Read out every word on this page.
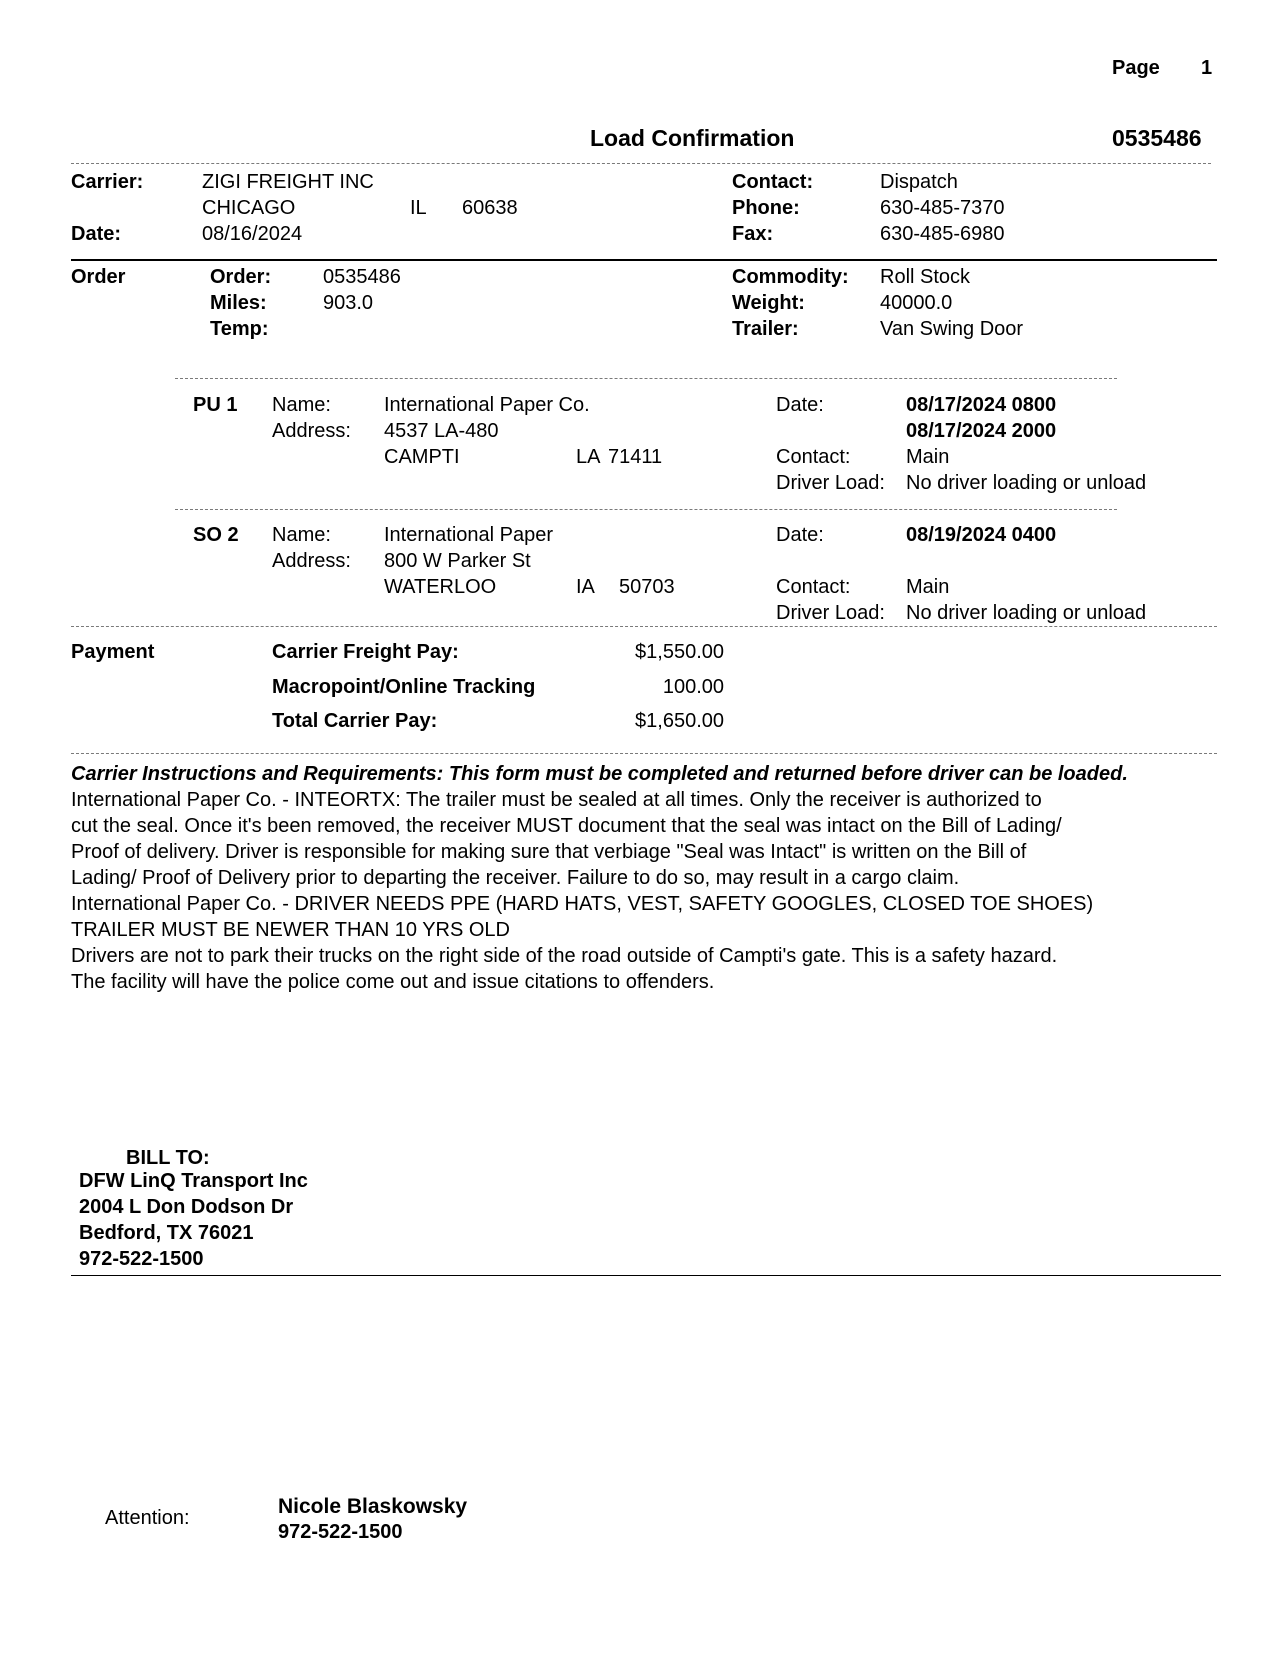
Page 1
Load Confirmation	0535486
Carrier:	ZIGI FREIGHT INC
CHICAGO	IL 60638
Date:	08/16/2024
Contact:	Dispatch
Phone:	630-485-7370
Fax:	630-485-6980
Order	Order:	0535486
Miles:	903.0
Temp:
Commodity: Roll Stock
Weight:	40000.0
Trailer:	Van Swing Door
PU 1 Name:	International Paper Co.
Address: 4537 LA-480
CAMPTI	LA 71411
Date:	08/17/2024 0800
08/17/2024 2000
Contact:	Main
Driver Load: No driver loading or unload
SO 2 Name:	International Paper
Address: 800 W Parker St
WATERLOO	IA 50703
Date:	08/19/2024 0400
Contact:	Main
Driver Load: No driver loading or unload
Payment	Carrier Freight Pay:	$1,550.00
Macropoint/Online Tracking	100.00
Total Carrier Pay:	$1,650.00
Carrier Instructions and Requirements: This form must be completed and returned before driver can be loaded.
International Paper Co. - INTEORTX: The trailer must be sealed at all times. Only the receiver is authorized to
cut the seal. Once it's been removed, the receiver MUST document that the seal was intact on the Bill of Lading/
Proof of delivery. Driver is responsible for making sure that verbiage "Seal was Intact" is written on the Bill of
Lading/ Proof of Delivery prior to departing the receiver. Failure to do so, may result in a cargo claim.
International Paper Co. - DRIVER NEEDS PPE (HARD HATS, VEST, SAFETY GOOGLES, CLOSED TOE SHOES)
TRAILER MUST BE NEWER THAN 10 YRS OLD
Drivers are not to park their trucks on the right side of the road outside of Campti's gate. This is a safety hazard.
The facility will have the police come out and issue citations to offenders.
BILL TO:
DFW LinQ Transport Inc
2004 L Don Dodson Dr
Bedford, TX 76021
972-522-1500
Attention:	Nicole Blaskowsky
972-522-1500
